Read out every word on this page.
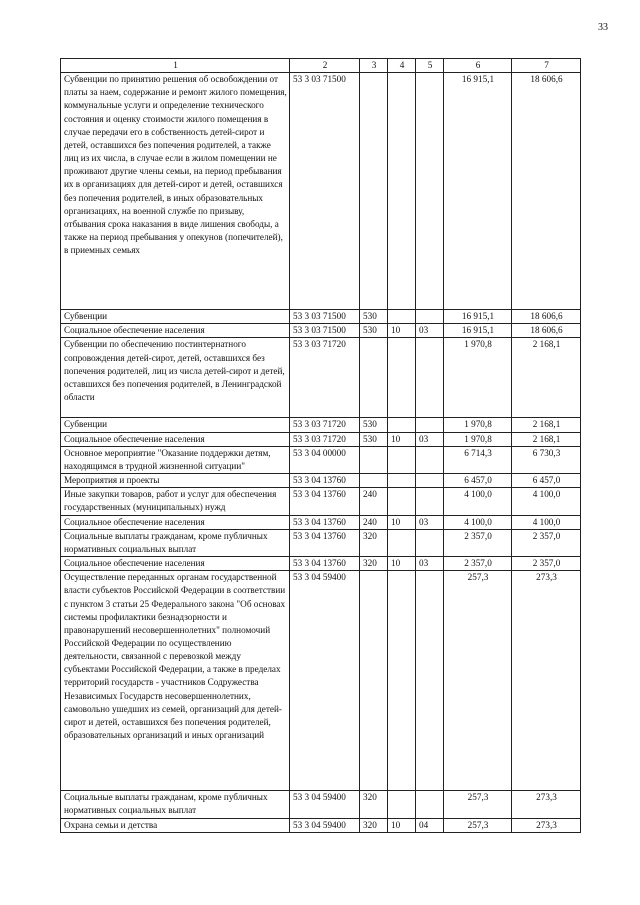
33
1	2	3	4	5	6	7
Субвенции по принятию решения об освобождении от платы за наем, содержание и ремонт жилого помещения, коммунальные услуги и определение технического состояния и оценку стоимости жилого помещения в случае передачи его в собственность детей-сирот и детей, оставшихся без попечения родителей, а также лиц из их числа, в случае если в жилом помещении не проживают другие члены семьи, на период пребывания их в организациях для детей-сирот и детей, оставшихся без попечения родителей, в иных образовательных организациях, на военной службе по призыву, отбывания срока наказания в виде лишения свободы, а также на период пребывания у опекунов (попечителей), в приемных семьях	53 3 03 71500				16 915,1	18 606,6
Субвенции	53 3 03 71500	530			16 915,1	18 606,6
Социальное обеспечение населения	53 3 03 71500	530	10	03	16 915,1	18 606,6
Субвенции по обеспечению постинтернатного сопровождения детей-сирот, детей, оставшихся без попечения родителей, лиц из числа детей-сирот и детей, оставшихся без попечения родителей, в Ленинградской области	53 3 03 71720				1 970,8	2 168,1
Субвенции	53 3 03 71720	530			1 970,8	2 168,1
Социальное обеспечение населения	53 3 03 71720	530	10	03	1 970,8	2 168,1
Основное мероприятие "Оказание поддержки детям, находящимся в трудной жизненной ситуации"	53 3 04 00000				6 714,3	6 730,3
Мероприятия и проекты	53 3 04 13760				6 457,0	6 457,0
Иные закупки товаров, работ и услуг для обеспечения государственных (муниципальных) нужд	53 3 04 13760	240			4 100,0	4 100,0
Социальное обеспечение населения	53 3 04 13760	240	10	03	4 100,0	4 100,0
Социальные выплаты гражданам, кроме публичных нормативных социальных выплат	53 3 04 13760	320			2 357,0	2 357,0
Социальное обеспечение населения	53 3 04 13760	320	10	03	2 357,0	2 357,0
Осуществление переданных органам государственной власти субъектов Российской Федерации в соответствии с пунктом 3 статьи 25 Федерального закона "Об основах системы профилактики безнадзорности и правонарушений несовершеннолетних" полномочий Российской Федерации по осуществлению деятельности, связанной с перевозкой между субъектами Российской Федерации, а также в пределах территорий государств - участников Содружества Независимых Государств несовершеннолетних, самовольно ушедших из семей, организаций для детей-сирот и детей, оставшихся без попечения родителей, образовательных организаций и иных организаций	53 3 04 59400				257,3	273,3
Социальные выплаты гражданам, кроме публичных нормативных социальных выплат	53 3 04 59400	320			257,3	273,3
Охрана семьи и детства	53 3 04 59400	320	10	04	257,3	273,3
